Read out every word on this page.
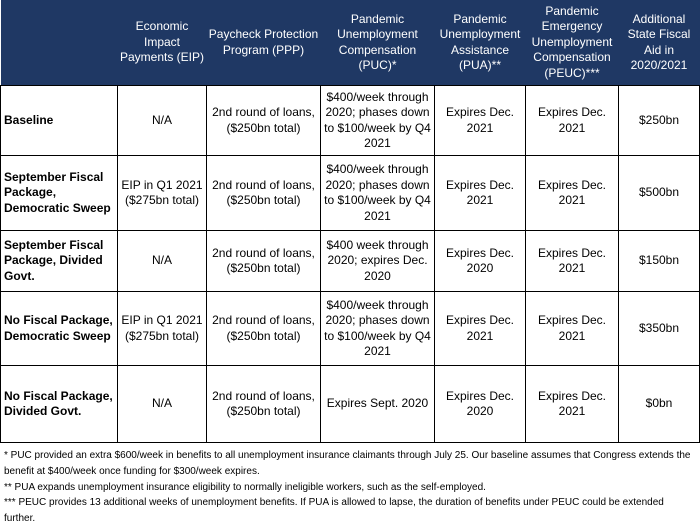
	Economic Impact Payments (EIP)	Paycheck Protection Program (PPP)	Pandemic Unemployment Compensation (PUC)*	Pandemic Unemployment Assistance (PUA)**	Pandemic Emergency Unemployment Compensation (PEUC)***	Additional State Fiscal Aid in 2020/2021
Baseline	N/A	2nd round of loans, ($250bn total)	$400/week through 2020; phases down to $100/week by Q4 2021	Expires Dec. 2021	Expires Dec. 2021	$250bn
September Fiscal Package, Democratic Sweep	EIP in Q1 2021 ($275bn total)	2nd round of loans, ($250bn total)	$400/week through 2020; phases down to $100/week by Q4 2021	Expires Dec. 2021	Expires Dec. 2021	$500bn
September Fiscal Package, Divided Govt.	N/A	2nd round of loans, ($250bn total)	$400 week through 2020; expires Dec. 2020	Expires Dec. 2020	Expires Dec. 2021	$150bn
No Fiscal Package, Democratic Sweep	EIP in Q1 2021 ($275bn total)	2nd round of loans, ($250bn total)	$400/week through 2020; phases down to $100/week by Q4 2021	Expires Dec. 2021	Expires Dec. 2021	$350bn
No Fiscal Package, Divided Govt.	N/A	2nd round of loans, ($250bn total)	Expires Sept. 2020	Expires Dec. 2020	Expires Dec. 2021	$0bn

* PUC provided an extra $600/week in benefits to all unemployment insurance claimants through July 25. Our baseline assumes that Congress extends the benefit at $400/week once funding for $300/week expires.

** PUA expands unemployment insurance eligibility to normally ineligible workers, such as the self-employed.

*** PEUC provides 13 additional weeks of unemployment benefits. If PUA is allowed to lapse, the duration of benefits under PEUC could be extended further.
